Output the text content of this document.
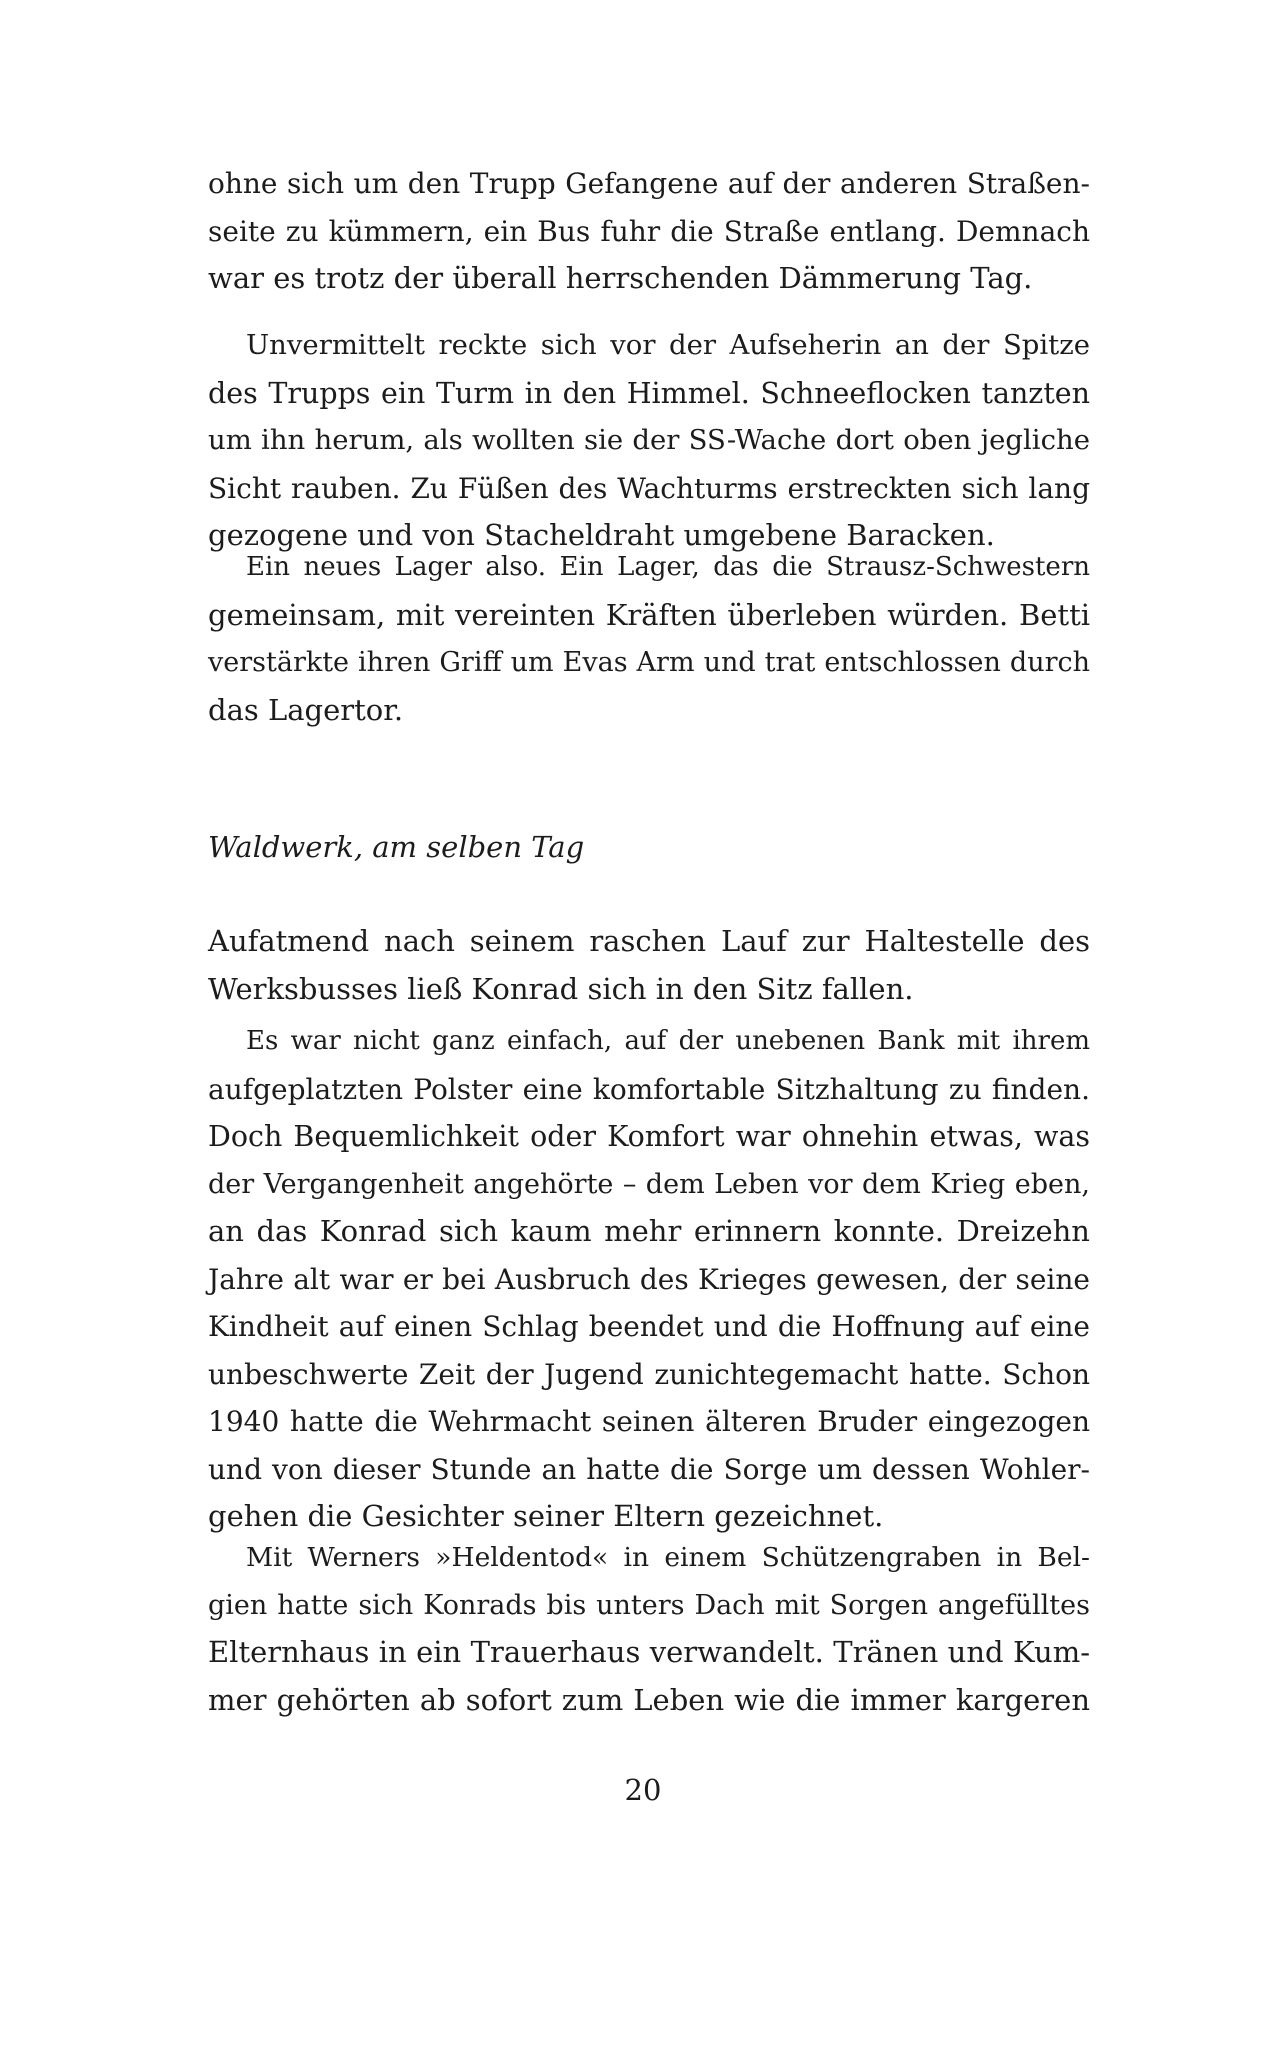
ohne sich um den Trupp Gefangene auf der anderen Straßen-
seite zu kümmern, ein Bus fuhr die Straße entlang. Demnach
war es trotz der überall herrschenden Dämmerung Tag.
Unvermittelt reckte sich vor der Aufseherin an der Spitze
des Trupps ein Turm in den Himmel. Schneeflocken tanzten
um ihn herum, als wollten sie der SS-Wache dort oben jegliche
Sicht rauben. Zu Füßen des Wachturms erstreckten sich lang
gezogene und von Stacheldraht umgebene Baracken.
Ein neues Lager also. Ein Lager, das die Strausz-Schwestern
gemeinsam, mit vereinten Kräften überleben würden. Betti
verstärkte ihren Griff um Evas Arm und trat entschlossen durch
das Lagertor.
Waldwerk, am selben Tag
Aufatmend nach seinem raschen Lauf zur Haltestelle des
Werksbusses ließ Konrad sich in den Sitz fallen.
Es war nicht ganz einfach, auf der unebenen Bank mit ihrem
aufgeplatzten Polster eine komfortable Sitzhaltung zu finden.
Doch Bequemlichkeit oder Komfort war ohnehin etwas, was
der Vergangenheit angehörte – dem Leben vor dem Krieg eben,
an das Konrad sich kaum mehr erinnern konnte. Dreizehn
Jahre alt war er bei Ausbruch des Krieges gewesen, der seine
Kindheit auf einen Schlag beendet und die Hoffnung auf eine
unbeschwerte Zeit der Jugend zunichtegemacht hatte. Schon
1940 hatte die Wehrmacht seinen älteren Bruder eingezogen
und von dieser Stunde an hatte die Sorge um dessen Wohler-
gehen die Gesichter seiner Eltern gezeichnet.
Mit Werners »Heldentod« in einem Schützengraben in Bel-
gien hatte sich Konrads bis unters Dach mit Sorgen angefülltes
Elternhaus in ein Trauerhaus verwandelt. Tränen und Kum-
mer gehörten ab sofort zum Leben wie die immer kargeren
20
